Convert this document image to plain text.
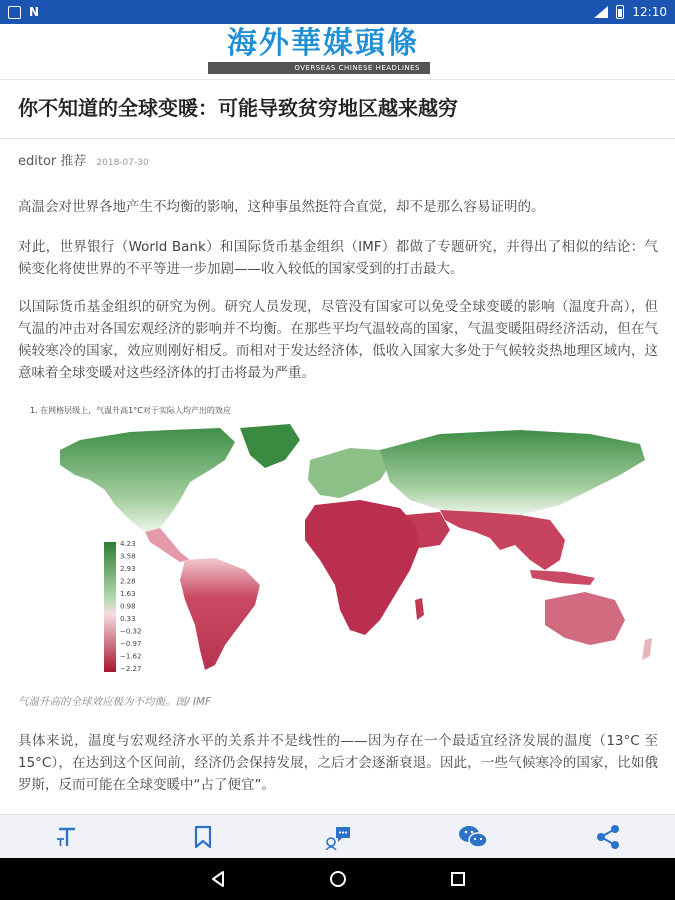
N	12:10
海外華媒頭條
OVERSEAS CHINESE HEADLINES
你不知道的全球变暖：可能导致贫穷地区越来越穷
editor 推荐 2018-07-30
高温会对世界各地产生不均衡的影响，这种事虽然挺符合直觉，却不是那么容易证明的。
对此，世界银行（World Bank）和国际货币基金组织（IMF）都做了专题研究，并得出了相似的结论：气候变化将使世界的不平等进一步加剧——收入较低的国家受到的打击最大。
以国际货币基金组织的研究为例。研究人员发现，尽管没有国家可以免受全球变暖的影响（温度升高），但气温的冲击对各国宏观经济的影响并不均衡。在那些平均气温较高的国家，气温变暖阻碍经济活动，但在气候较寒冷的国家，效应则刚好相反。而相对于发达经济体，低收入国家大多处于气候较炎热地理区域内，这意味着全球变暖对这些经济体的打击将最为严重。
1. 在网格层级上，气温升高1°C对于实际人均产出的效应
4.23
3.58
2.93
2.28
1.63
0.98
0.33
−0.32
−0.97
−1.62
−2.27
气温升高的全球效应极为不均衡。图/ IMF
具体来说，温度与宏观经济水平的关系并不是线性的——因为存在一个最适宜经济发展的温度（13°C 至15°C），在达到这个区间前，经济仍会保持发展，之后才会逐渐衰退。因此，一些气候寒冷的国家，比如俄罗斯，反而可能在全球变暖中“占了便宜”。
